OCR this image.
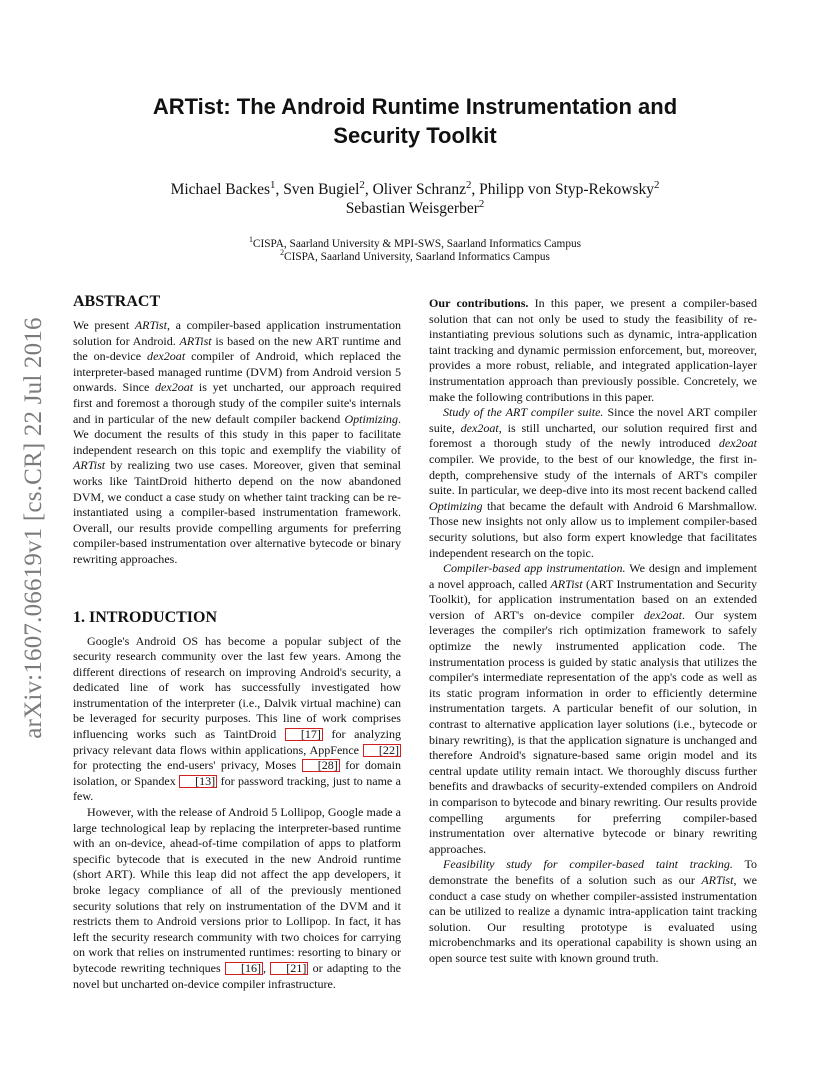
arXiv:1607.06619v1 [cs.CR] 22 Jul 2016
ARTist: The Android Runtime Instrumentation and
Security Toolkit
Michael Backes$^1$, Sven Bugiel$^2$, Oliver Schranz$^2$, Philipp von Styp-Rekowsky$^2$
Sebastian Weisgerber$^2$
$^1$CISPA, Saarland University & MPI-SWS, Saarland Informatics Campus
$^2$CISPA, Saarland University, Saarland Informatics Campus
ABSTRACT

We present ARTist, a compiler-based application instrumentation solution for Android. ARTist is based on the new ART runtime and the on-device dex2oat compiler of Android, which replaced the interpreter-based managed runtime (DVM) from Android version 5 onwards. Since dex2oat is yet uncharted, our approach required first and foremost a thorough study of the compiler suite's internals and in particular of the new default compiler backend Optimizing. We document the results of this study in this paper to facilitate independent research on this topic and exemplify the viability of ARTist by realizing two use cases. Moreover, given that seminal works like TaintDroid hitherto depend on the now abandoned DVM, we conduct a case study on whether taint tracking can be re-instantiated using a compiler-based instrumentation framework. Overall, our results provide compelling arguments for preferring compiler-based instrumentation over alternative bytecode or binary rewriting approaches.

1. INTRODUCTION

Google's Android OS has become a popular subject of the security research community over the last few years. Among the different directions of research on improving Android's security, a dedicated line of work has successfully investigated how instrumentation of the interpreter (i.e., Dalvik virtual machine) can be leveraged for security purposes. This line of work comprises influencing works such as TaintDroid [17] for analyzing privacy relevant data flows within applications, AppFence [22] for protecting the end-users' privacy, Moses [28] for domain isolation, or Spandex [13] for password tracking, just to name a few.

However, with the release of Android 5 Lollipop, Google made a large technological leap by replacing the interpreter-based runtime with an on-device, ahead-of-time compilation of apps to platform specific bytecode that is executed in the new Android runtime (short ART). While this leap did not affect the app developers, it broke legacy compliance of all of the previously mentioned security solutions that rely on instrumentation of the DVM and it restricts them to Android versions prior to Lollipop. In fact, it has left the security research community with two choices for carrying on work that relies on instrumented runtimes: resorting to binary or bytecode rewriting techniques [16] , [21] or adapting to the novel but uncharted on-device compiler infrastructure.

Our contributions. In this paper, we present a compiler-based solution that can not only be used to study the feasibility of re-instantiating previous solutions such as dynamic, intra-application taint tracking and dynamic permission enforcement, but, moreover, provides a more robust, reliable, and integrated application-layer instrumentation approach than previously possible. Concretely, we make the following contributions in this paper.

Study of the ART compiler suite. Since the novel ART compiler suite, dex2oat, is still uncharted, our solution required first and foremost a thorough study of the newly introduced dex2oat compiler. We provide, to the best of our knowledge, the first in-depth, comprehensive study of the internals of ART's compiler suite. In particular, we deep-dive into its most recent backend called Optimizing that became the default with Android 6 Marshmallow. Those new insights not only allow us to implement compiler-based security solutions, but also form expert knowledge that facilitates independent research on the topic.

Compiler-based app instrumentation. We design and implement a novel approach, called ARTist (ART Instrumentation and Security Toolkit), for application instrumentation based on an extended version of ART's on-device compiler dex2oat. Our system leverages the compiler's rich optimization framework to safely optimize the newly instrumented application code. The instrumentation process is guided by static analysis that utilizes the compiler's intermediate representation of the app's code as well as its static program information in order to efficiently determine instrumentation targets. A particular benefit of our solution, in contrast to alternative application layer solutions (i.e., bytecode or binary rewriting), is that the application signature is unchanged and therefore Android's signature-based same origin model and its central update utility remain intact. We thoroughly discuss further benefits and drawbacks of security-extended compilers on Android in comparison to bytecode and binary rewriting. Our results provide compelling arguments for preferring compiler-based instrumentation over alternative bytecode or binary rewriting approaches.

Feasibility study for compiler-based taint tracking. To demonstrate the benefits of a solution such as our ARTist, we conduct a case study on whether compiler-assisted instrumentation can be utilized to realize a dynamic intra-application taint tracking solution. Our resulting prototype is evaluated using microbenchmarks and its operational capability is shown using an open source test suite with known ground truth.
